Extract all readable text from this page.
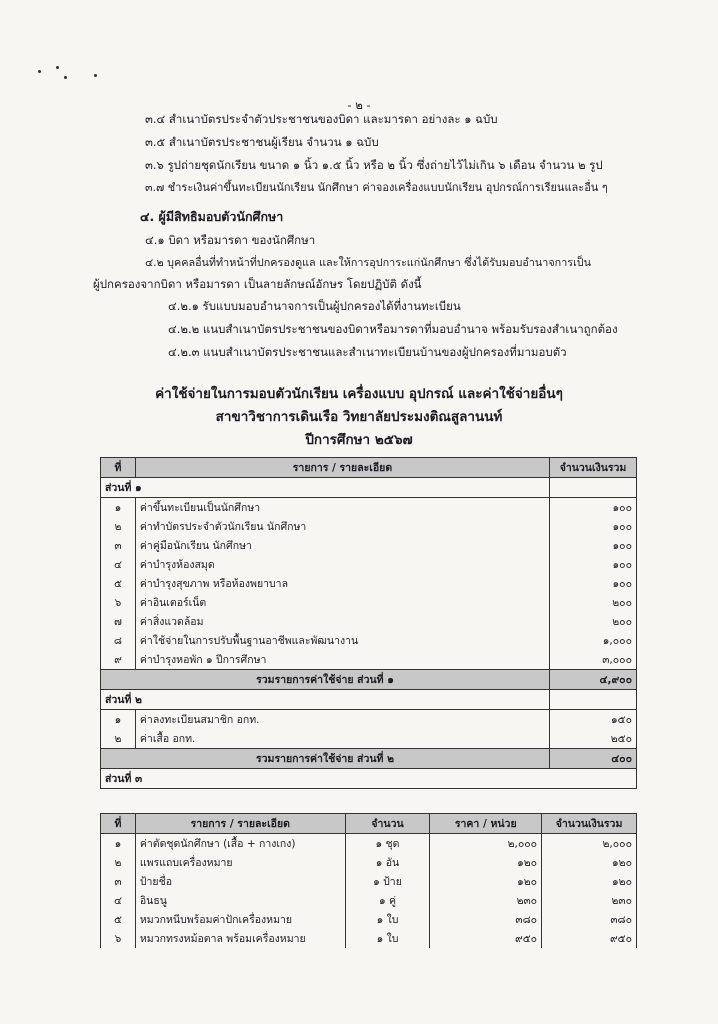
- ๒ -
๓.๔ สำเนาบัตรประจำตัวประชาชนของบิดา และมารดา อย่างละ ๑ ฉบับ
๓.๕ สำเนาบัตรประชาชนผู้เรียน จำนวน ๑ ฉบับ
๓.๖ รูปถ่ายชุดนักเรียน ขนาด ๑ นิ้ว ๑.๕ นิ้ว หรือ ๒ นิ้ว ซึ่งถ่ายไว้ไม่เกิน ๖ เดือน จำนวน ๒ รูป
๓.๗ ชำระเงินค่าขึ้นทะเบียนนักเรียน นักศึกษา ค่าจองเครื่องแบบนักเรียน อุปกรณ์การเรียนและอื่น ๆ
๔. ผู้มีสิทธิมอบตัวนักศึกษา
๔.๑ บิดา หรือมารดา ของนักศึกษา
๔.๒ บุคคลอื่นที่ทำหน้าที่ปกครองดูแล และให้การอุปการะแก่นักศึกษา ซึ่งได้รับมอบอำนาจการเป็น
ผู้ปกครองจากบิดา หรือมารดา เป็นลายลักษณ์อักษร โดยปฏิบัติ ดังนี้
๔.๒.๑ รับแบบมอบอำนาจการเป็นผู้ปกครองได้ที่งานทะเบียน
๔.๒.๒ แนบสำเนาบัตรประชาชนของบิดาหรือมารดาที่มอบอำนาจ พร้อมรับรองสำเนาถูกต้อง
๔.๒.๓ แนบสำเนาบัตรประชาชนและสำเนาทะเบียนบ้านของผู้ปกครองที่มามอบตัว
ค่าใช้จ่ายในการมอบตัวนักเรียน เครื่องแบบ อุปกรณ์ และค่าใช้จ่ายอื่นๆ
สาขาวิชาการเดินเรือ วิทยาลัยประมงติณสูลานนท์
ปีการศึกษา ๒๕๖๗
ที่	รายการ / รายละเอียด	จำนวนเงินรวม
ส่วนที่ ๑		
๑	ค่าขึ้นทะเบียนเป็นนักศึกษา	๑๐๐
๒	ค่าทำบัตรประจำตัวนักเรียน นักศึกษา	๑๐๐
๓	ค่าคู่มือนักเรียน นักศึกษา	๑๐๐
๔	ค่าบำรุงห้องสมุด	๑๐๐
๕	ค่าบำรุงสุขภาพ หรือห้องพยาบาล	๑๐๐
๖	ค่าอินเตอร์เน็ต	๒๐๐
๗	ค่าสิ่งแวดล้อม	๒๐๐
๘	ค่าใช้จ่ายในการปรับพื้นฐานอาชีพและพัฒนางาน	๑,๐๐๐
๙	ค่าบำรุงหอพัก ๑ ปีการศึกษา	๓,๐๐๐
รวมรายการค่าใช้จ่าย ส่วนที่ ๑		๔,๙๐๐
ส่วนที่ ๒		
๑	ค่าลงทะเบียนสมาชิก อกท.	๑๕๐
๒	ค่าเสื้อ อกท.	๒๕๐
รวมรายการค่าใช้จ่าย ส่วนที่ ๒		๔๐๐
ส่วนที่ ๓		
ที่	รายการ / รายละเอียด	จำนวน	ราคา / หน่วย	จำนวนเงินรวม
๑	ค่าตัดชุดนักศึกษา (เสื้อ + กางเกง)	๑ ชุด	๒,๐๐๐	๒,๐๐๐
๒	แพรแถบเครื่องหมาย	๑ อัน	๑๒๐	๑๒๐
๓	ป้ายชื่อ	๑ ป้าย	๑๒๐	๑๒๐
๔	อินธนู	๑ คู่	๒๓๐	๒๓๐
๕	หมวกหนีบพร้อมค่าปักเครื่องหมาย	๑ ใบ	๓๘๐	๓๘๐
๖	หมวกทรงหม้อตาล พร้อมเครื่องหมาย	๑ ใบ	๙๕๐	๙๕๐
